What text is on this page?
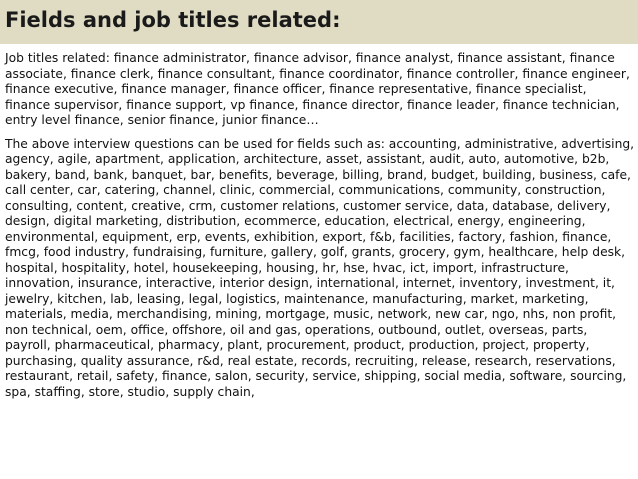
Fields and job titles related:

Job titles related: finance administrator, finance advisor, finance analyst, finance assistant, finance associate, finance clerk, finance consultant, finance coordinator, finance controller, finance engineer, finance executive, finance manager, finance officer, finance representative, finance specialist, finance supervisor, finance support, vp finance, finance director, finance leader, finance technician, entry level finance, senior finance, junior finance…

The above interview questions can be used for fields such as: accounting, administrative, advertising, agency, agile, apartment, application, architecture, asset, assistant, audit, auto, automotive, b2b, bakery, band, bank, banquet, bar, benefits, beverage, billing, brand, budget, building, business, cafe, call center, car, catering, channel, clinic, commercial, communications, community, construction, consulting, content, creative, crm, customer relations, customer service, data, database, delivery, design, digital marketing, distribution, ecommerce, education, electrical, energy, engineering, environmental, equipment, erp, events, exhibition, export, f&b, facilities, factory, fashion, finance, fmcg, food industry, fundraising, furniture, gallery, golf, grants, grocery, gym, healthcare, help desk, hospital, hospitality, hotel, housekeeping, housing, hr, hse, hvac, ict, import, infrastructure, innovation, insurance, interactive, interior design, international, internet, inventory, investment, it, jewelry, kitchen, lab, leasing, legal, logistics, maintenance, manufacturing, market, marketing, materials, media, merchandising, mining, mortgage, music, network, new car, ngo, nhs, non profit, non technical, oem, office, offshore, oil and gas, operations, outbound, outlet, overseas, parts, payroll, pharmaceutical, pharmacy, plant, procurement, product, production, project, property, purchasing, quality assurance, r&d, real estate, records, recruiting, release, research, reservations, restaurant, retail, safety, finance, salon, security, service, shipping, social media, software, sourcing, spa, staffing, store, studio, supply chain,
